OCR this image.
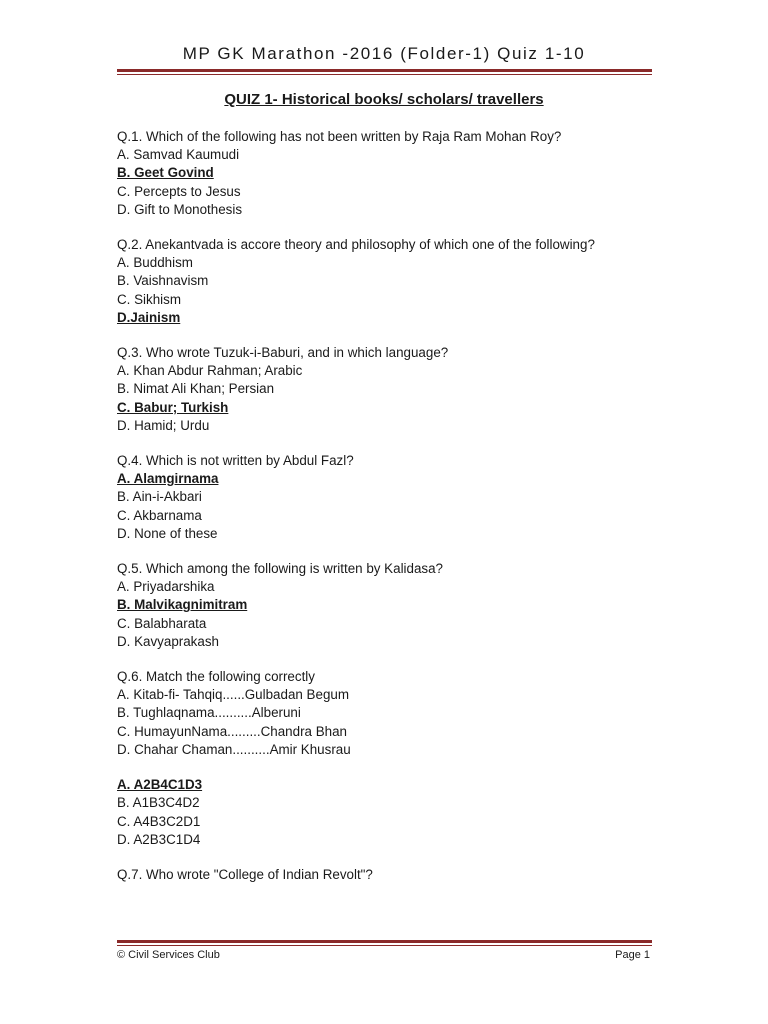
MP GK Marathon -2016 (Folder-1) Quiz 1-10
QUIZ 1- Historical books/ scholars/ travellers
Q.1. Which of the following has not been written by Raja Ram Mohan Roy?
A. Samvad Kaumudi
B. Geet Govind
C. Percepts to Jesus
D. Gift to Monothesis
Q.2. Anekantvada is accore theory and philosophy of which one of the following?
A. Buddhism
B. Vaishnavism
C. Sikhism
D.Jainism
Q.3. Who wrote Tuzuk-i-Baburi, and in which language?
A. Khan Abdur Rahman; Arabic
B. Nimat Ali Khan; Persian
C. Babur; Turkish
D. Hamid; Urdu
Q.4. Which is not written by Abdul Fazl?
A. Alamgirnama
B. Ain-i-Akbari
C. Akbarnama
D. None of these
Q.5. Which among the following is written by Kalidasa?
A. Priyadarshika
B. Malvikagnimitram
C. Balabharata
D. Kavyaprakash
Q.6. Match the following correctly
A. Kitab-fi- Tahqiq......Gulbadan Begum
B. Tughlaqnama..........Alberuni
C. HumayunNama.........Chandra Bhan
D. Chahar Chaman..........Amir Khusrau
A. A2B4C1D3
B. A1B3C4D2
C. A4B3C2D1
D. A2B3C1D4
Q.7. Who wrote "College of Indian Revolt"?
© Civil Services Club	Page 1
